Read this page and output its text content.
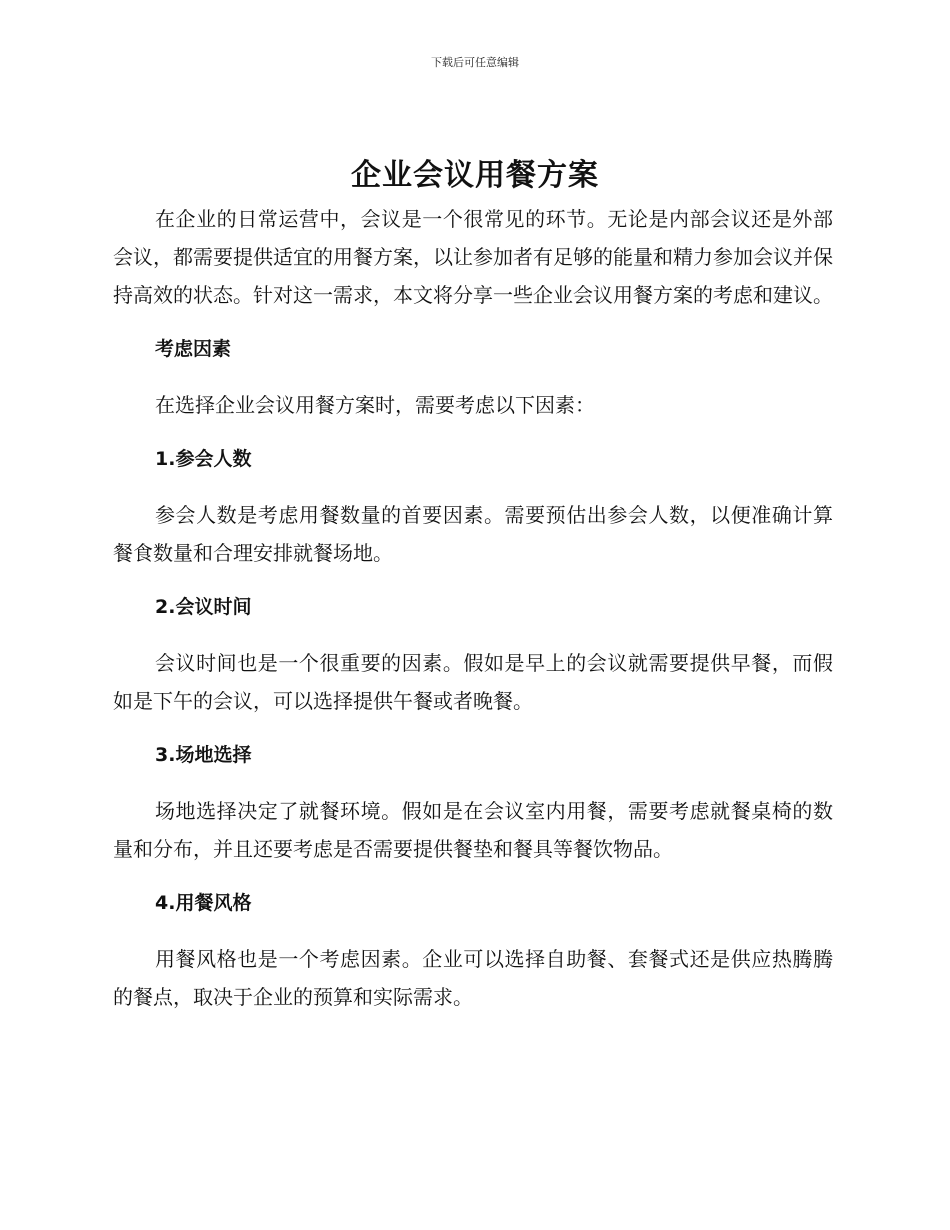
下载后可任意编辑
企业会议用餐方案

在企业的日常运营中，会议是一个很常见的环节。无论是内部会议还是外部会议，都需要提供适宜的用餐方案，以让参加者有足够的能量和精力参加会议并保持高效的状态。针对这一需求，本文将分享一些企业会议用餐方案的考虑和建议。

考虑因素

在选择企业会议用餐方案时，需要考虑以下因素：

1.参会人数

参会人数是考虑用餐数量的首要因素。需要预估出参会人数，以便准确计算餐食数量和合理安排就餐场地。

2.会议时间

会议时间也是一个很重要的因素。假如是早上的会议就需要提供早餐，而假如是下午的会议，可以选择提供午餐或者晚餐。

3.场地选择

场地选择决定了就餐环境。假如是在会议室内用餐，需要考虑就餐桌椅的数量和分布，并且还要考虑是否需要提供餐垫和餐具等餐饮物品。

4.用餐风格

用餐风格也是一个考虑因素。企业可以选择自助餐、套餐式还是供应热腾腾的餐点，取决于企业的预算和实际需求。
